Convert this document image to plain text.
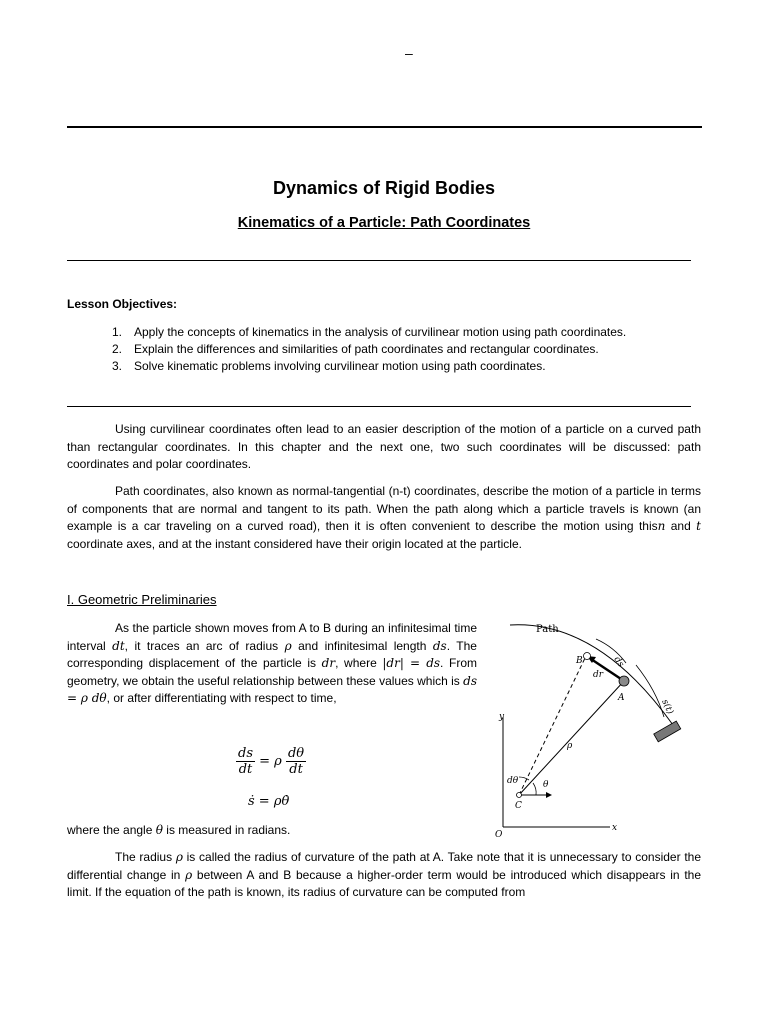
–
Dynamics of Rigid Bodies
Kinematics of a Particle: Path Coordinates
Lesson Objectives:
1. Apply the concepts of kinematics in the analysis of curvilinear motion using path coordinates.
2. Explain the differences and similarities of path coordinates and rectangular coordinates.
3. Solve kinematic problems involving curvilinear motion using path coordinates.
Using curvilinear coordinates often lead to an easier description of the motion of a particle on a curved path than rectangular coordinates. In this chapter and the next one, two such coordinates will be discussed: path coordinates and polar coordinates.
Path coordinates, also known as normal-tangential (n-t) coordinates, describe the motion of a particle in terms of components that are normal and tangent to its path. When the path along which a particle travels is known (an example is a car traveling on a curved road), then it is often convenient to describe the motion using thisn and t coordinate axes, and at the instant considered have their origin located at the particle.
I. Geometric Preliminaries
As the particle shown moves from A to B during an infinitesimal time interval dt, it traces an arc of radius ρ and infinitesimal length ds. The corresponding displacement of the particle is dr, where |dr| = ds. From geometry, we obtain the useful relationship between these values which is ds = ρ dθ, or after differentiating with respect to time,
$\frac{ds}{dt} = \rho \frac{d\theta}{dt}$
ṡ = ρθ̇
where the angle θ is measured in radians.
The radius ρ is called the radius of curvature of the path at A. Take note that it is unnecessary to consider the differential change in ρ between A and B because a higher-order term would be introduced which disappears in the limit. If the equation of the path is known, its radius of curvature can be computed from
Path
ds
B
dr
A
s(t)
y
ρ
dθ	θ
C
O
x
